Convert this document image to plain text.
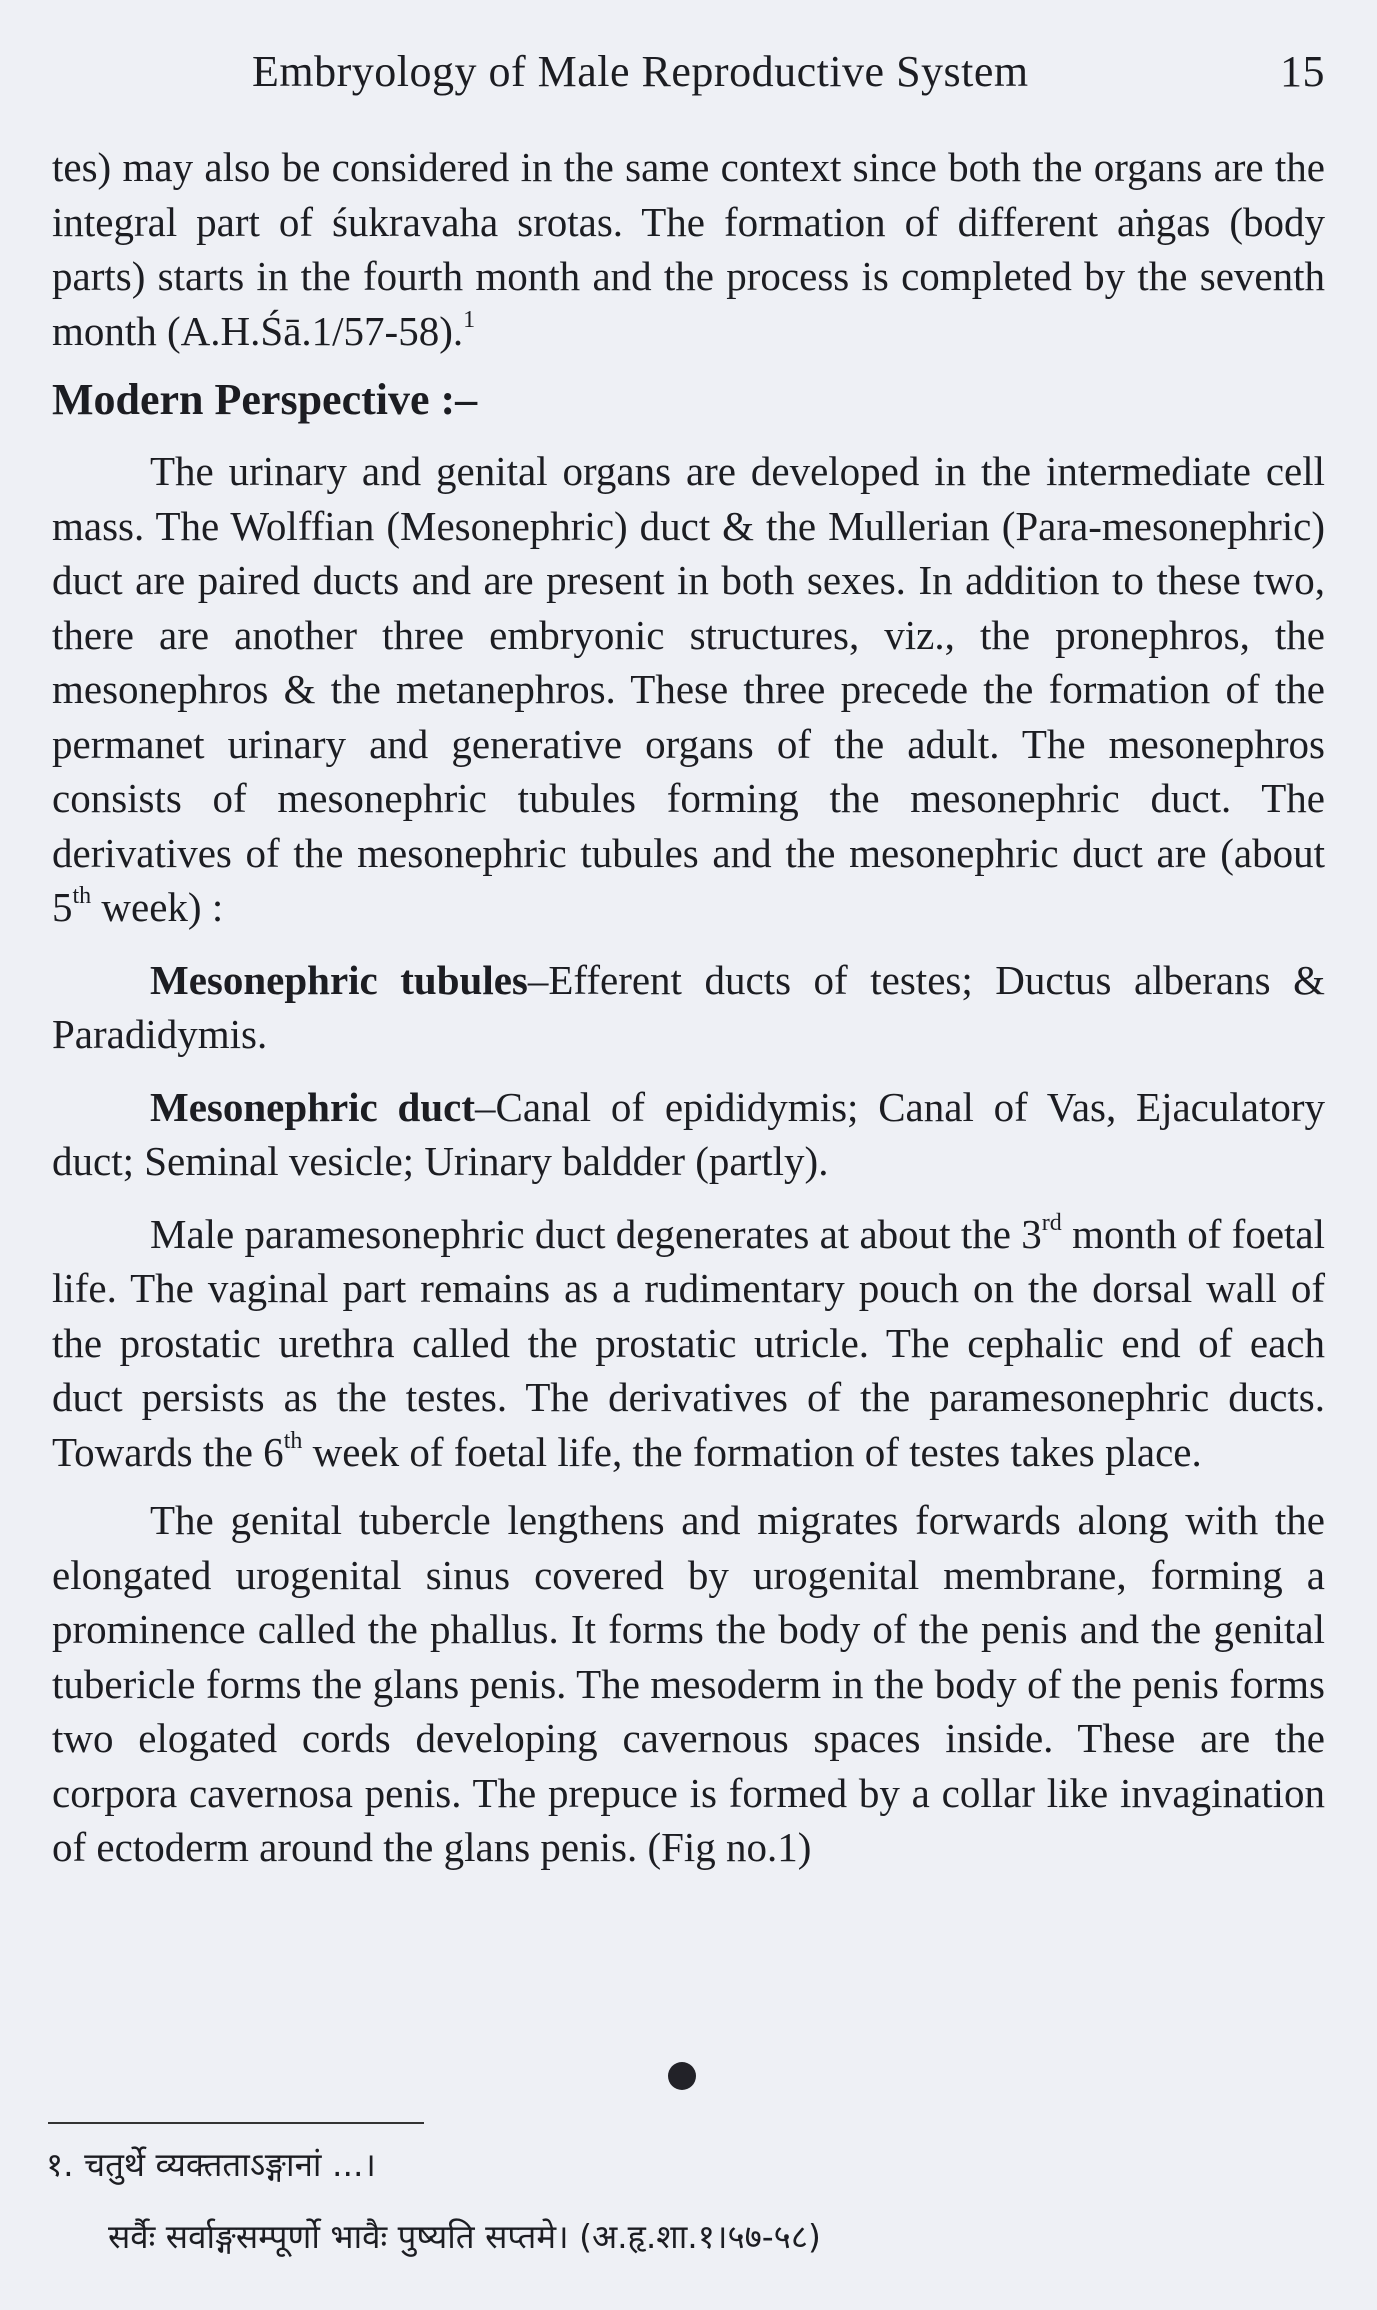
Embryology of Male Reproductive System	15

tes) may also be considered in the same context since both the organs are the integral part of śukravaha srotas. The formation of different aṅgas (body parts) starts in the fourth month and the process is completed by the seventh month (A.H.Śā.1/57-58).$^1$

Modern Perspective :–

The urinary and genital organs are developed in the intermediate cell mass. The Wolffian (Mesonephric) duct & the Mullerian (Para-mesonephric) duct are paired ducts and are present in both sexes. In addition to these two, there are another three embryonic structures, viz., the pronephros, the mesonephros & the metanephros. These three precede the formation of the permanet urinary and generative organs of the adult. The mesonephros consists of mesonephric tubules forming the mesonephric duct. The derivatives of the mesonephric tubules and the mesonephric duct are (about 5th week) :

Mesonephric tubules–Efferent ducts of testes; Ductus alberans & Paradidymis.

Mesonephric duct–Canal of epididymis; Canal of Vas, Ejaculatory duct; Seminal vesicle; Urinary baldder (partly).

Male paramesonephric duct degenerates at about the 3rd month of foetal life. The vaginal part remains as a rudimentary pouch on the dorsal wall of the prostatic urethra called the prostatic utricle. The cephalic end of each duct persists as the testes. The derivatives of the paramesonephric ducts. Towards the 6th week of foetal life, the formation of testes takes place.

The genital tubercle lengthens and migrates forwards along with the elongated urogenital sinus covered by urogenital membrane, forming a prominence called the phallus. It forms the body of the penis and the genital tubericle forms the glans penis. The mesoderm in the body of the penis forms two elogated cords developing cavernous spaces inside. These are the corpora cavernosa penis. The prepuce is formed by a collar like invagination of ectoderm around the glans penis. (Fig no.1)

१. चतुर्थे व्यक्तताऽङ्गानां ...।
सर्वैः सर्वाङ्गसम्पूर्णो भावैः पुष्यति सप्तमे। (अ.हृ.शा.१।५७-५८)
